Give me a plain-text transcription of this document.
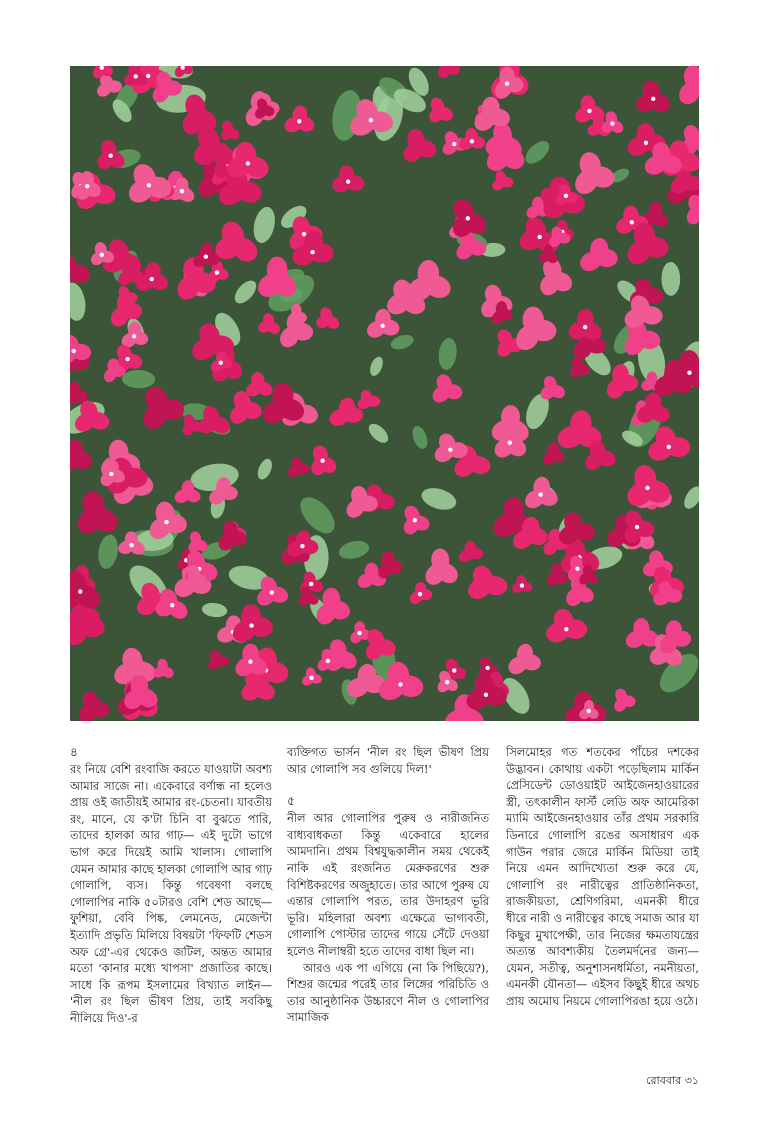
৪

রং নিয়ে বেশি রংবাজি করতে যাওয়াটা অবশ্য আমার সাজে না। একেবারে বর্ণান্ধ না হলেও প্রায় ওই জাতীয়ই আমার রং-চেতনা। যাবতীয় রং, মানে, যে ক'টা চিনি বা বুঝতে পারি, তাদের হালকা আর গাঢ়— এই দুটো ভাগে ভাগ করে দিয়েই আমি খালাস। গোলাপি যেমন আমার কাছে হালকা গোলাপি আর গাঢ় গোলাপি, ব্যস। কিন্তু গবেষণা বলছে গোলাপির নাকি ৫০টারও বেশি শেড আছে— ফুশিয়া, বেবি পিঙ্ক, লেমনেড, মেজেন্টা ইত্যাদি প্রভৃতি মিলিয়ে বিষয়টা 'ফিফটি শেডস অফ গ্রে'-এর থেকেও জটিল, অন্তত আমার মতো 'কানার মধ্যে খাপসা' প্রজাতির কাছে। সাধে কি রূপম ইসলামের বিখ্যাত লাইন— 'নীল রং ছিল ভীষণ প্রিয়, তাই সবকিছু নীলিয়ে দিও'-র

ব্যক্তিগত ভার্সন 'নীল রং ছিল ভীষণ প্রিয় আর গোলাপি সব গুলিয়ে দিল!'

৫

নীল আর গোলাপির পুরুষ ও নারীজনিত বাধ্যবাধকতা কিন্তু একেবারে হালের আমদানি। প্রথম বিশ্বযুদ্ধকালীন সময় থেকেই নাকি এই রংজনিত মেরুকরণের শুরু বিশিষ্টকরণের অজুহাতে। তার আগে পুরুষ যে এন্তার গোলাপি পরত, তার উদাহরণ ভূরি ভূরি। মহিলারা অবশ্য এক্ষেত্রে ভাগ্যবতী, গোলাপি পোস্টার তাদের গায়ে সেঁটে দেওয়া হলেও নীলাম্বরী হতে তাদের বাধা ছিল না।

আরও এক পা এগিয়ে (না কি পিছিয়ে?), শিশুর জন্মের পরেই তার লিঙ্গের পরিচিতি ও তার আনুষ্ঠানিক উচ্চারণে নীল ও গোলাপির সামাজিক

সিলমোহর গত শতকের পাঁচের দশকের উদ্ভাবন। কোথায় একটা পড়েছিলাম মার্কিন প্রেসিডেন্ট ডোওয়াইট আইজেনহাওয়ারের স্ত্রী, তৎকালীন ফার্স্ট লেডি অফ আমেরিকা ম্যামি আইজেনহাওয়ার তাঁর প্রথম সরকারি ডিনারে গোলাপি রঙের অসাধারণ এক গাউন পরার জেরে মার্কিন মিডিয়া তাই নিয়ে এমন আদিখ্যেতা শুরু করে যে, গোলাপি রং নারীত্বের প্রাতিষ্ঠানিকতা, রাজকীয়তা, শ্রেণিগরিমা, এমনকী ধীরে ধীরে নারী ও নারীত্বের কাছে সমাজ আর যা কিছুর মুখাপেক্ষী, তার নিজের ক্ষমতাযন্ত্রের অত্যন্ত আবশ্যকীয় তৈলমর্দনের জন্য— যেমন, সতীত্ব, অনুশাসনধর্মিতা, নমনীয়তা, এমনকী যৌনতা— এইসব কিছুই ধীরে অথচ প্রায় অমোঘ নিয়মে গোলাপিরঙা হয়ে ওঠে।

রোববার ৩১
